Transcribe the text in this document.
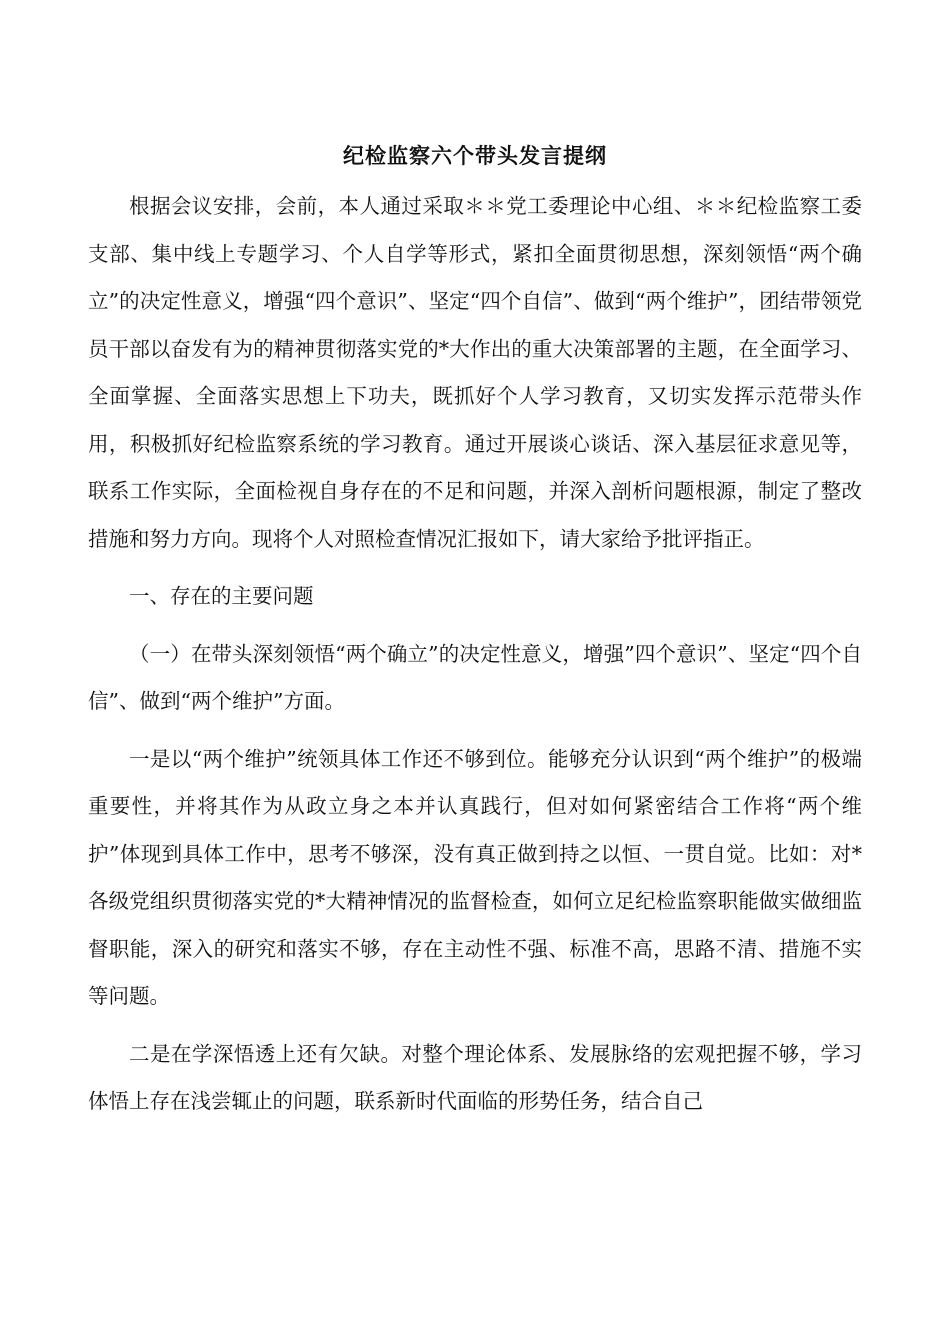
纪检监察六个带头发言提纲

根据会议安排，会前，本人通过采取＊＊党工委理论中心组、＊＊纪检监察工委支部、集中线上专题学习、个人自学等形式，紧扣全面贯彻思想，深刻领悟“两个确立”的决定性意义，增强“四个意识”、坚定“四个自信”、做到“两个维护”，团结带领党员干部以奋发有为的精神贯彻落实党的*大作出的重大决策部署的主题，在全面学习、全面掌握、全面落实思想上下功夫，既抓好个人学习教育，又切实发挥示范带头作用，积极抓好纪检监察系统的学习教育。通过开展谈心谈话、深入基层征求意见等，联系工作实际，全面检视自身存在的不足和问题，并深入剖析问题根源，制定了整改措施和努力方向。现将个人对照检查情况汇报如下，请大家给予批评指正。

一、存在的主要问题

（一）在带头深刻领悟“两个确立”的决定性意义，增强”四个意识”、坚定“四个自信”、做到“两个维护”方面。

一是以“两个维护”统领具体工作还不够到位。能够充分认识到“两个维护”的极端重要性，并将其作为从政立身之本并认真践行，但对如何紧密结合工作将“两个维护”体现到具体工作中，思考不够深，没有真正做到持之以恒、一贯自觉。比如：对*各级党组织贯彻落实党的*大精神情况的监督检查，如何立足纪检监察职能做实做细监督职能，深入的研究和落实不够，存在主动性不强、标准不高，思路不清、措施不实等问题。

二是在学深悟透上还有欠缺。对整个理论体系、发展脉络的宏观把握不够，学习体悟上存在浅尝辄止的问题，联系新时代面临的形势任务，结合自己
